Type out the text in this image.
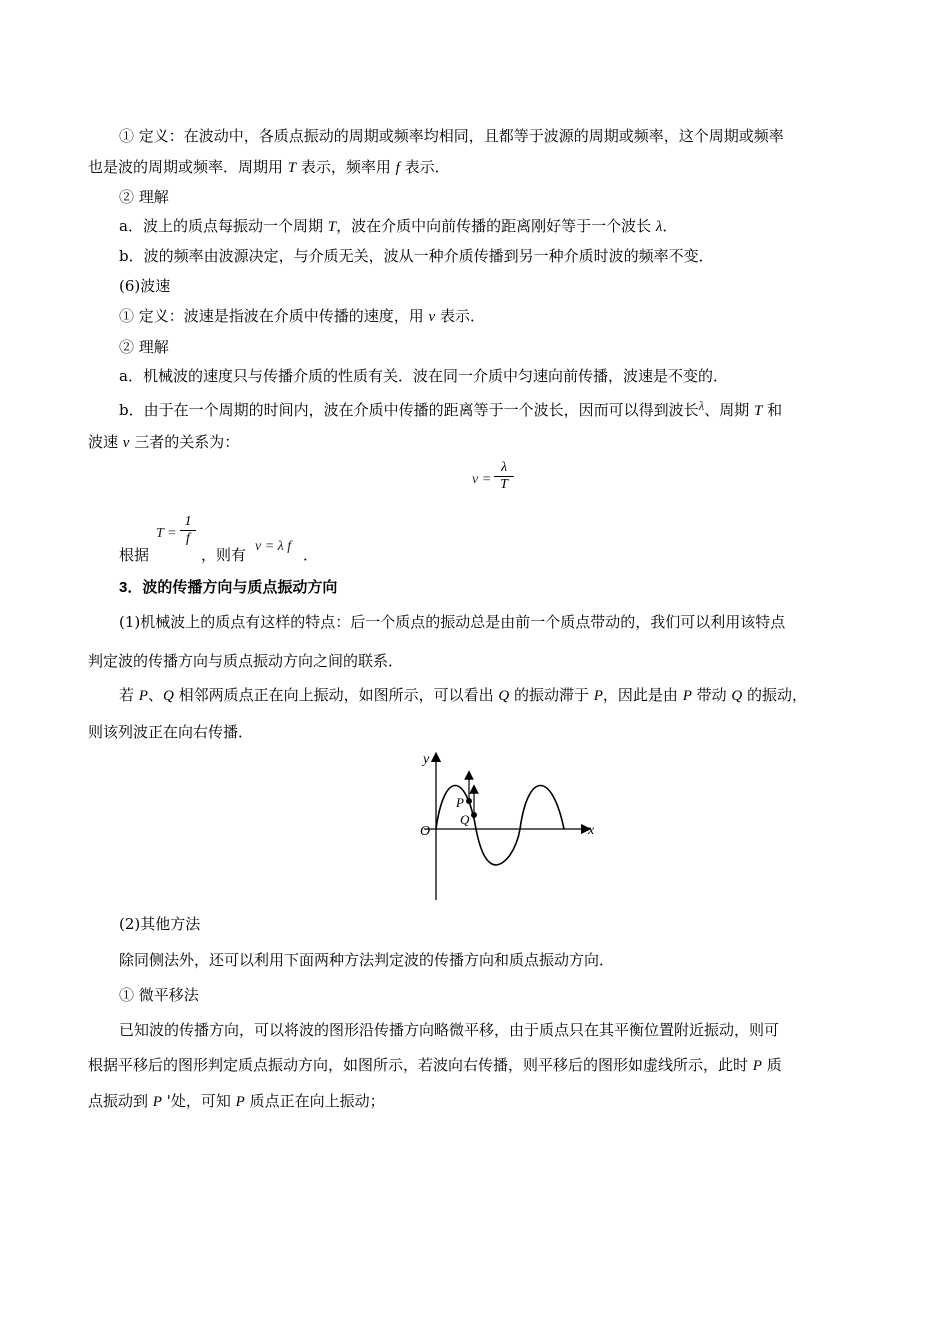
① 定义：在波动中，各质点振动的周期或频率均相同，且都等于波源的周期或频率，这个周期或频率
也是波的周期或频率．周期用 T 表示，频率用 f 表示．
② 理解
a．波上的质点每振动一个周期 T，波在介质中向前传播的距离刚好等于一个波长 λ．
b．波的频率由波源决定，与介质无关，波从一种介质传播到另一种介质时波的频率不变．
(6)波速
① 定义：波速是指波在介质中传播的速度，用 v 表示．
② 理解
a．机械波的速度只与传播介质的性质有关．波在同一介质中匀速向前传播，波速是不变的．
b．由于在一个周期的时间内，波在介质中传播的距离等于一个波长，因而可以得到波长λ、周期 T 和
波速 v 三者的关系为：
$v = \frac{\lambda}{T}$
根据
$T = \frac{1}{f}$
，则有 v = λ f ．
3．波的传播方向与质点振动方向
(1)机械波上的质点有这样的特点：后一个质点的振动总是由前一个质点带动的，我们可以利用该特点
判定波的传播方向与质点振动方向之间的联系．
若 P、Q 相邻两质点正在向上振动，如图所示，可以看出 Q 的振动滞于 P，因此是由 P 带动 Q 的振动，
则该列波正在向右传播．
y
x
O
P
Q
(2)其他方法
除同侧法外，还可以利用下面两种方法判定波的传播方向和质点振动方向．
① 微平移法
已知波的传播方向，可以将波的图形沿传播方向略微平移，由于质点只在其平衡位置附近振动，则可
根据平移后的图形判定质点振动方向，如图所示，若波向右传播，则平移后的图形如虚线所示，此时 P 质
点振动到 P '处，可知 P 质点正在向上振动；
